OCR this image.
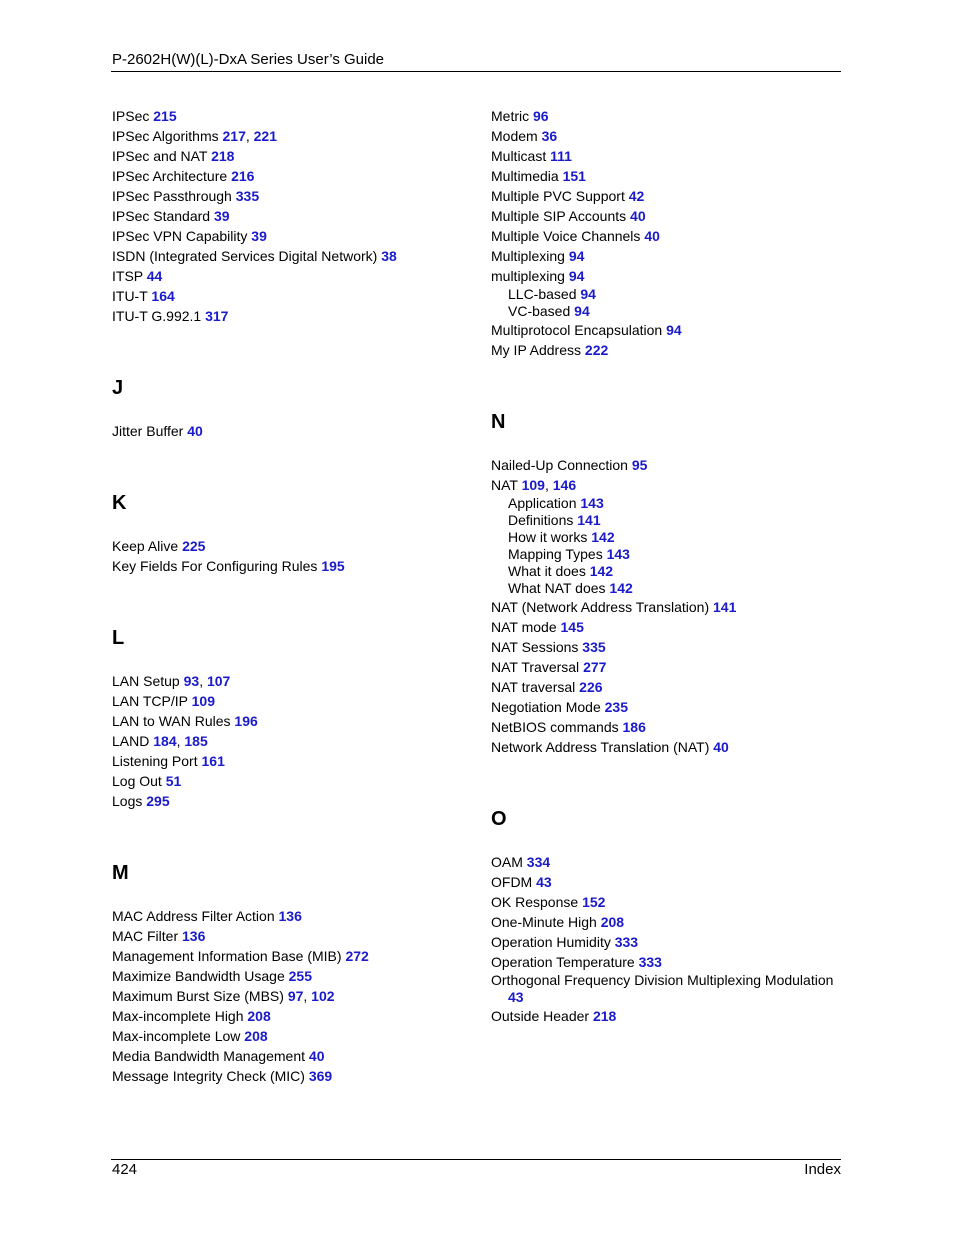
P-2602H(W)(L)-DxA Series User’s Guide
IPSec 215
IPSec Algorithms 217, 221
IPSec and NAT 218
IPSec Architecture 216
IPSec Passthrough 335
IPSec Standard 39
IPSec VPN Capability 39
ISDN (Integrated Services Digital Network) 38
ITSP 44
ITU-T 164
ITU-T G.992.1 317
J
Jitter Buffer 40
K
Keep Alive 225
Key Fields For Configuring Rules 195
L
LAN Setup 93, 107
LAN TCP/IP 109
LAN to WAN Rules 196
LAND 184, 185
Listening Port 161
Log Out 51
Logs 295
M
MAC Address Filter Action 136
MAC Filter 136
Management Information Base (MIB) 272
Maximize Bandwidth Usage 255
Maximum Burst Size (MBS) 97, 102
Max-incomplete High 208
Max-incomplete Low 208
Media Bandwidth Management 40
Message Integrity Check (MIC) 369
Metric 96
Modem 36
Multicast 111
Multimedia 151
Multiple PVC Support 42
Multiple SIP Accounts 40
Multiple Voice Channels 40
Multiplexing 94
multiplexing 94
LLC-based 94
VC-based 94
Multiprotocol Encapsulation 94
My IP Address 222
N
Nailed-Up Connection 95
NAT 109, 146
Application 143
Definitions 141
How it works 142
Mapping Types 143
What it does 142
What NAT does 142
NAT (Network Address Translation) 141
NAT mode 145
NAT Sessions 335
NAT Traversal 277
NAT traversal 226
Negotiation Mode 235
NetBIOS commands 186
Network Address Translation (NAT) 40
O
OAM 334
OFDM 43
OK Response 152
One-Minute High 208
Operation Humidity 333
Operation Temperature 333
Orthogonal Frequency Division Multiplexing Modulation
43
Outside Header 218
424	Index
